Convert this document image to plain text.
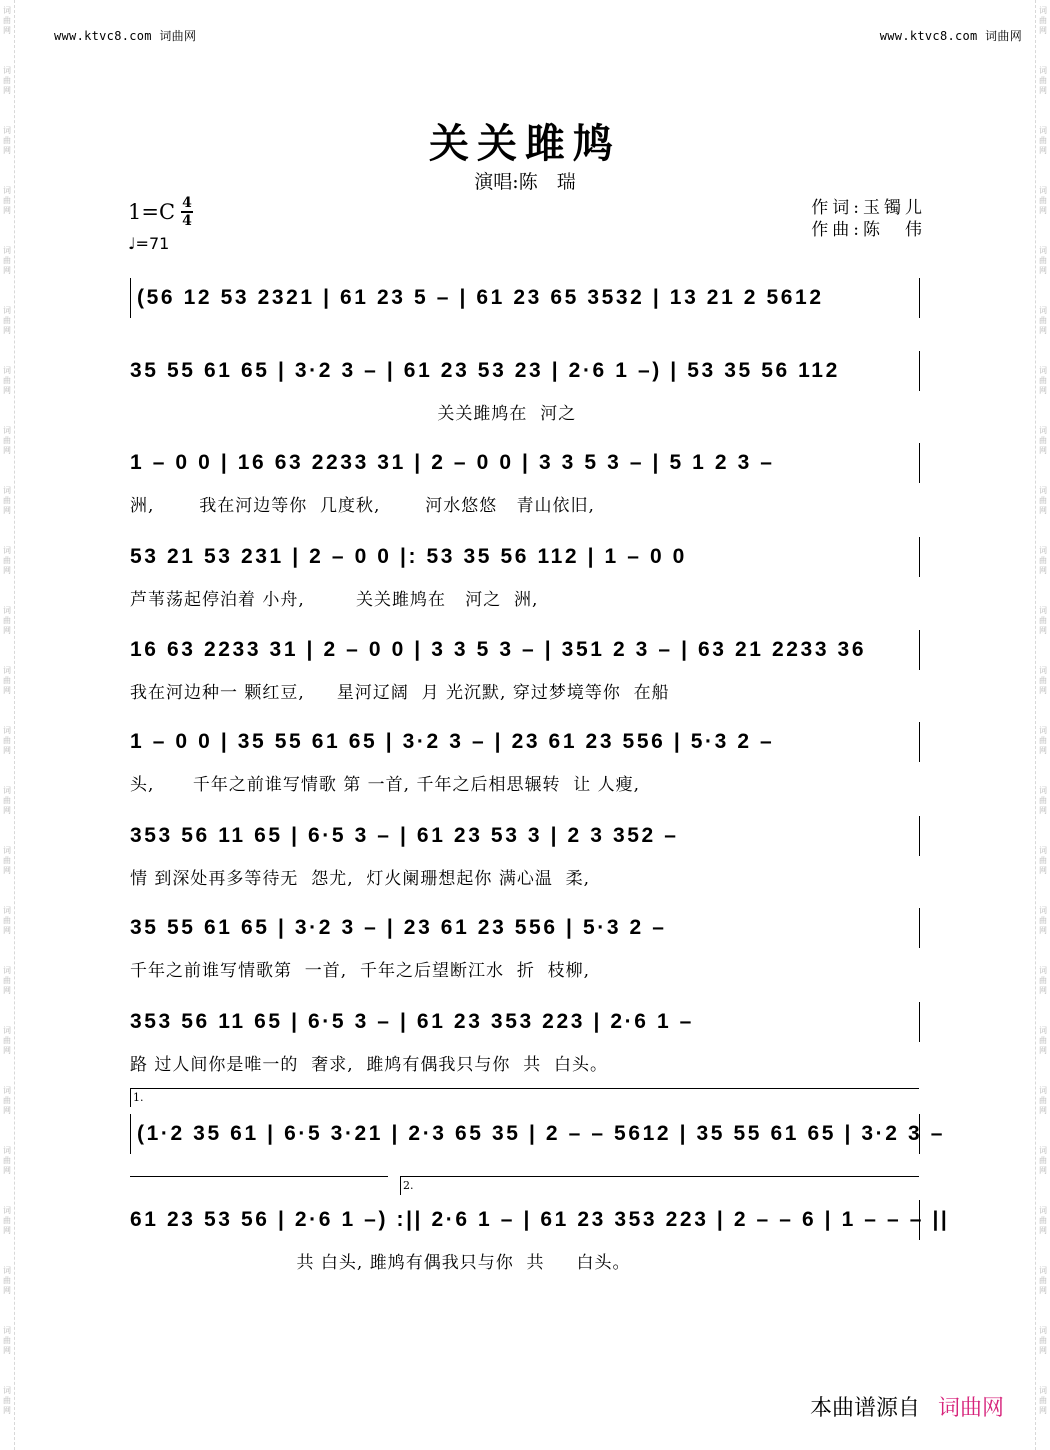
词曲网
词曲网
词曲网
词曲网
词曲网
词曲网
词曲网
词曲网
词曲网
词曲网
词曲网
词曲网
词曲网
词曲网
词曲网
词曲网
词曲网
词曲网
词曲网
词曲网
词曲网
词曲网
词曲网
词曲网
词曲网
词曲网
词曲网
词曲网
词曲网
词曲网
词曲网
词曲网
词曲网
词曲网
词曲网
词曲网
词曲网
词曲网
词曲网
词曲网
词曲网
词曲网
词曲网
词曲网
词曲网
词曲网
词曲网
词曲网
www.ktvc8.com 词曲网	www.ktvc8.com 词曲网
关关雎鸠
演唱:陈　瑞
$1=C \frac{4}{4}$
♩=71
作词:玉镯儿
作曲:陈　伟
(56 12 53 2321 | 61 23 5 – | 61 23 65 3532 | 13 21 2 5612
35 55 61 65 | 3·2 3 – | 61 23 53 23 | 2·6 1 –) | 53 35 56 112
关关雎鸠在  河之
1 – 0 0 | 16 63 2233 31 | 2 – 0 0 | 3 3 5 3 – | 5 1 2 3 –
洲,       我在河边等你  几度秋,       河水悠悠   青山依旧,
53 21 53 231 | 2 – 0 0 |: 53 35 56 112 | 1 – 0 0
芦苇荡起停泊着 小舟,        关关雎鸠在   河之  洲,
16 63 2233 31 | 2 – 0 0 | 3 3 5 3 – | 351 2 3 – | 63 21 2233 36
我在河边种一 颗红豆,     星河辽阔  月 光沉默, 穿过梦境等你  在船
1 – 0 0 | 35 55 61 65 | 3·2 3 – | 23 61 23 556 | 5·3 2 –
头,      千年之前谁写情歌 第 一首, 千年之后相思辗转  让 人瘦,
353 56 11 65 | 6·5 3 – | 61 23 53 3 | 2 3 352 –
情 到深处再多等待无  怨尤,  灯火阑珊想起你 满心温  柔,
35 55 61 65 | 3·2 3 – | 23 61 23 556 | 5·3 2 –
千年之前谁写情歌第  一首,  千年之后望断江水  折  枝柳,
353 56 11 65 | 6·5 3 – | 61 23 353 223 | 2·6 1 –
路 过人间你是唯一的  奢求,  雎鸠有偶我只与你  共  白头。
1.
(1·2 35 61 | 6·5 3·21 | 2·3 65 35 | 2 – – 5612 | 35 55 61 65 | 3·2 3 –
2.
61 23 53 56 | 2·6 1 –) :|| 2·6 1 – | 61 23 353 223 | 2 – – 6 | 1 – – – ||
共 白头, 雎鸠有偶我只与你  共     白头。
本曲谱源自 词曲网
